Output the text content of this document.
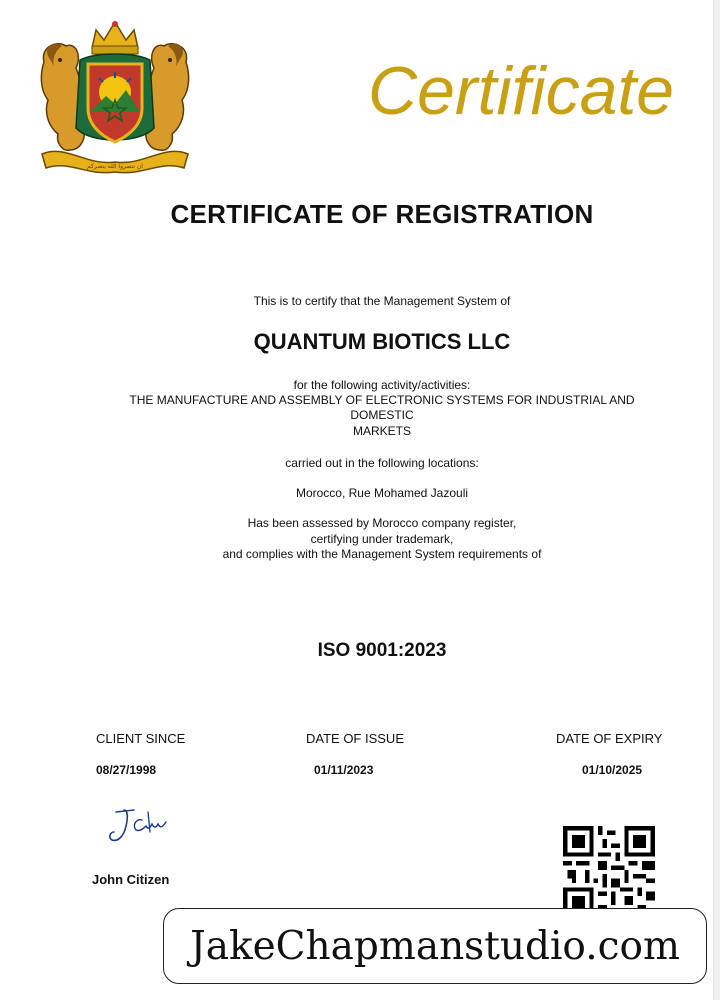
ان تنصروا الله ينصركم
Certificate
CERTIFICATE OF REGISTRATION
This is to certify that the Management System of
QUANTUM BIOTICS LLC
for the following activity/activities:
THE MANUFACTURE AND ASSEMBLY OF ELECTRONIC SYSTEMS FOR INDUSTRIAL AND
DOMESTIC
MARKETS
carried out in the following locations:
Morocco, Rue Mohamed Jazouli
Has been assessed by Morocco company register,
certifying under trademark,
and complies with the Management System requirements of
ISO 9001:2023
CLIENT SINCE	DATE OF ISSUE	DATE OF EXPIRY
08/27/1998	01/11/2023	01/10/2025
John Citizen
JakeChapmanstudio.com
